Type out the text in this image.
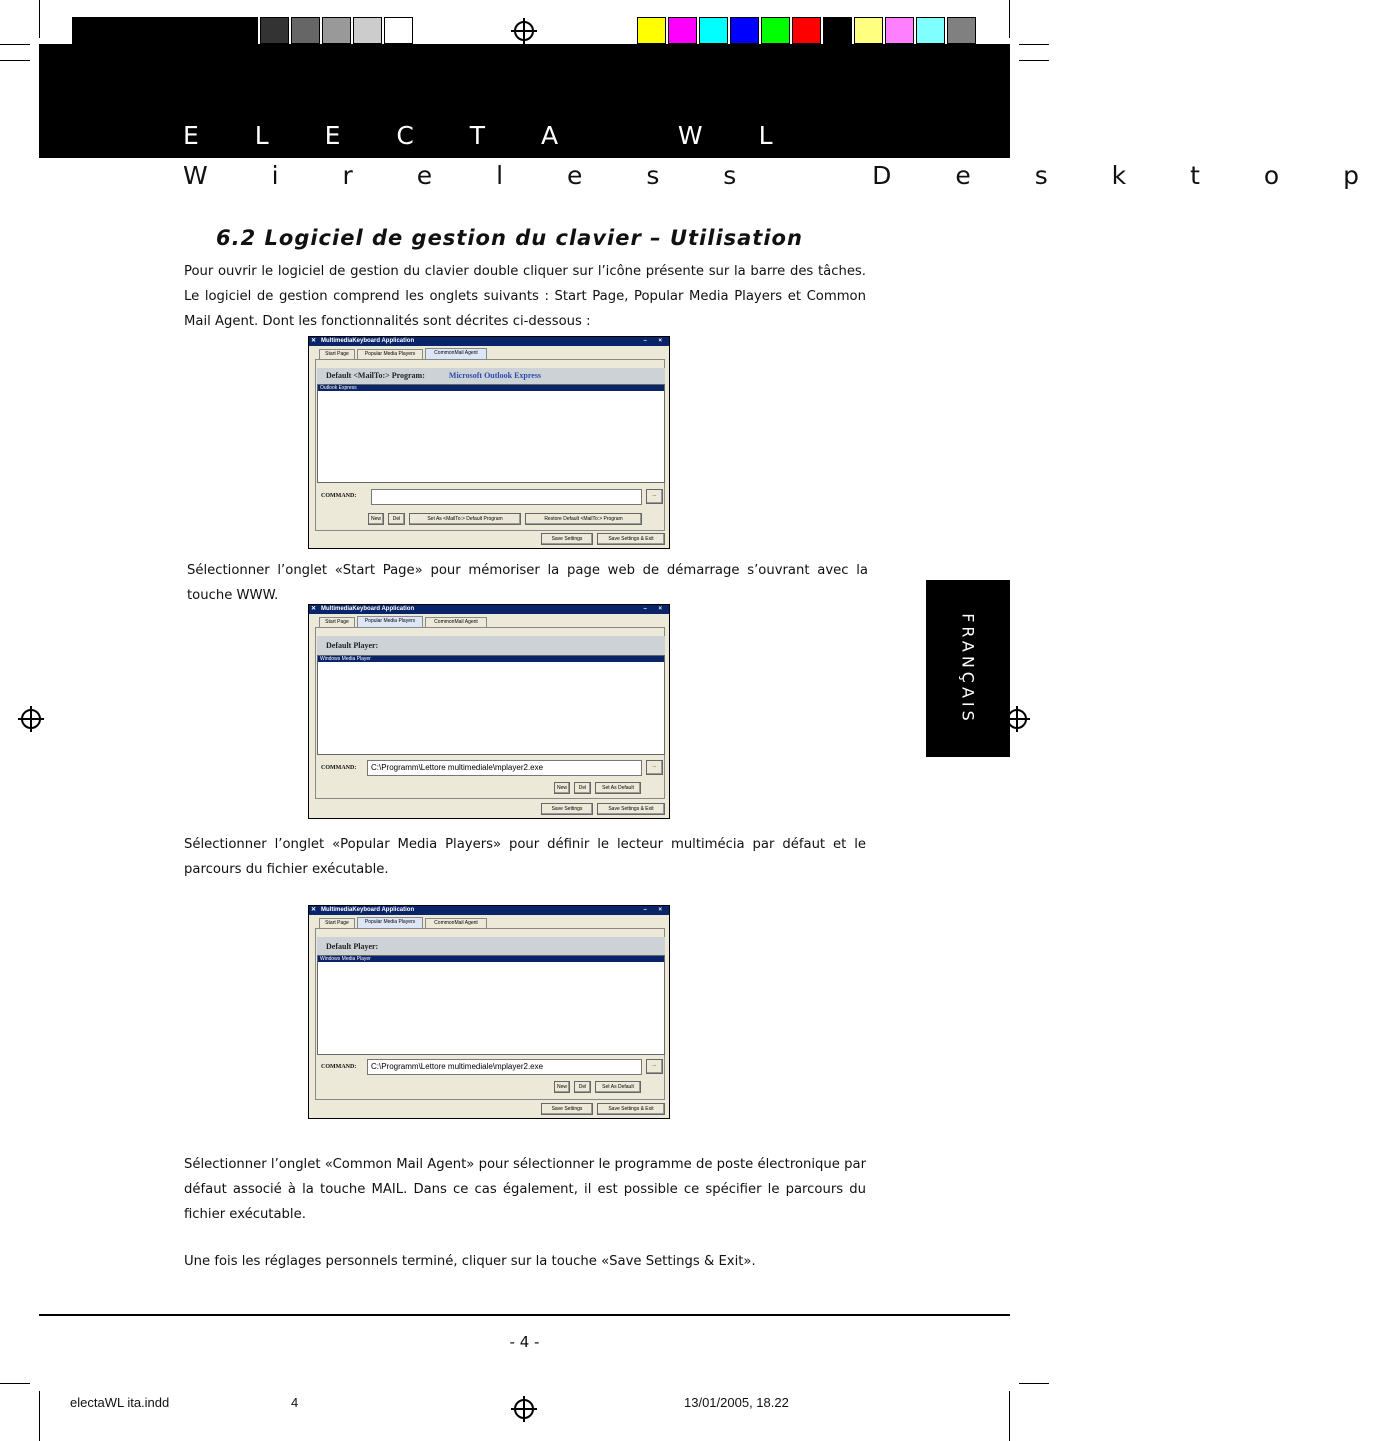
E L E C T A   W L
W i r e l e s s   D e s k t o p
6.2 Logiciel de gestion du clavier – Utilisation
Pour ouvrir le logiciel de gestion du clavier double cliquer sur l’icône présente sur la barre des tâches. Le logiciel de gestion comprend les onglets suivants : Start Page, Popular Media Players et Common Mail Agent. Dont les fonctionnalités sont décrites ci-dessous :
✕ MultimediaKeyboard Application	– ×
Start Page	Popular Media Players	CommonMail Agent
Default <MailTo:> Program:	Microsoft Outlook Express
Outlook Express
COMMAND:	...
New	Del	Set As <MailTo:> Default Program	Restore Default <MailTo:> Program
Save Settings	Save Settings & Exit
Sélectionner l’onglet «Start Page» pour mémoriser la page web de démarrage s’ouvrant avec la touche WWW.
✕ MultimediaKeyboard Application	– ×
Start Page	Popular Media Players	CommonMail Agent
Default Player:
Windows Media Player
COMMAND:	C:\Programm\Lettore multimediale\mplayer2.exe	...
New	Del	Set As Default
Save Settings	Save Settings & Exit
Sélectionner l’onglet «Popular Media Players» pour définir le lecteur multimécia par défaut et le parcours du fichier exécutable.
✕ MultimediaKeyboard Application	– ×
Start Page	Popular Media Players	CommonMail Agent
Default Player:
Windows Media Player
COMMAND:	C:\Programm\Lettore multimediale\mplayer2.exe	...
New	Del	Set As Default
Save Settings	Save Settings & Exit
Sélectionner l’onglet «Common Mail Agent» pour sélectionner le programme de poste électronique par défaut associé à la touche MAIL. Dans ce cas également, il est possible ce spécifier le parcours du fichier exécutable.
Une fois les réglages personnels terminé, cliquer sur la touche «Save Settings & Exit».
FRANÇAIS
- 4 -
electaWL ita.indd	4	13/01/2005, 18.22
